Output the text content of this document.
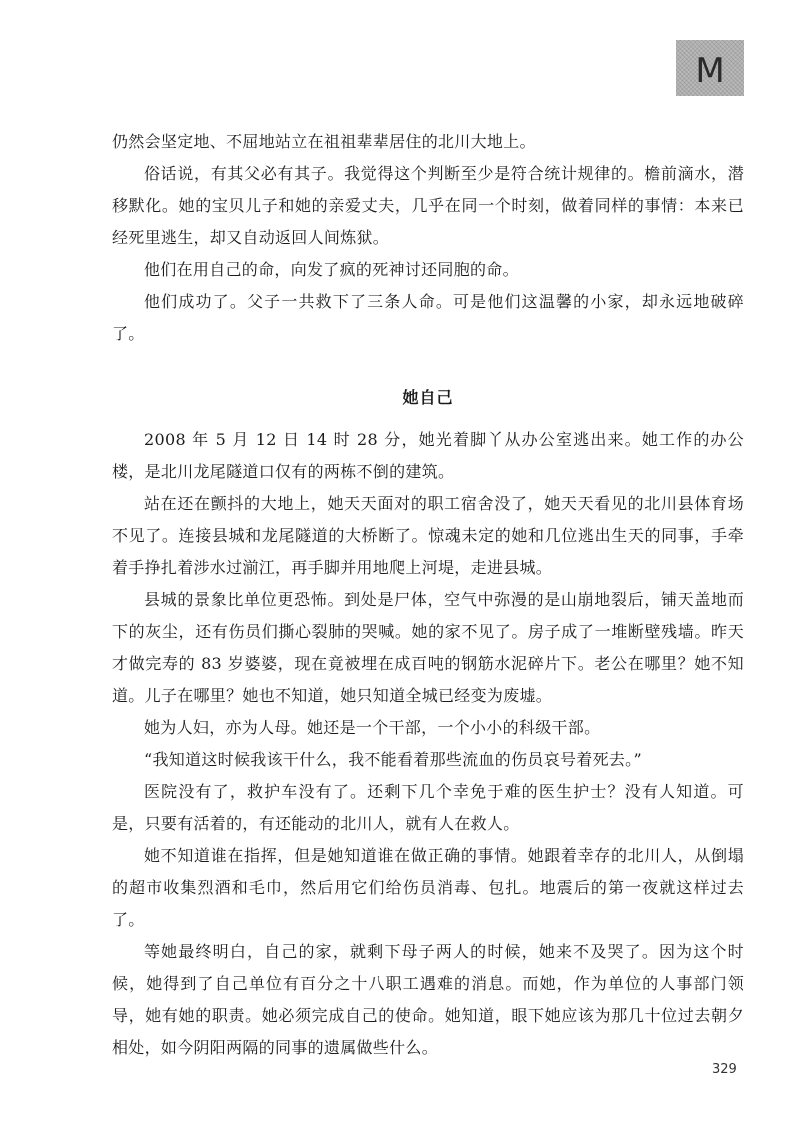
M

仍然会坚定地、不屈地站立在祖祖辈辈居住的北川大地上。

俗话说，有其父必有其子。我觉得这个判断至少是符合统计规律的。檐前滴水，潜移默化。她的宝贝儿子和她的亲爱丈夫，几乎在同一个时刻，做着同样的事情：本来已经死里逃生，却又自动返回人间炼狱。

他们在用自己的命，向发了疯的死神讨还同胞的命。

他们成功了。父子一共救下了三条人命。可是他们这温馨的小家，却永远地破碎了。

她自己

2008 年 5 月 12 日 14 时 28 分，她光着脚丫从办公室逃出来。她工作的办公楼，是北川龙尾隧道口仅有的两栋不倒的建筑。

站在还在颤抖的大地上，她天天面对的职工宿舍没了，她天天看见的北川县体育场不见了。连接县城和龙尾隧道的大桥断了。惊魂未定的她和几位逃出生天的同事，手牵着手挣扎着涉水过湔江，再手脚并用地爬上河堤，走进县城。

县城的景象比单位更恐怖。到处是尸体，空气中弥漫的是山崩地裂后，铺天盖地而下的灰尘，还有伤员们撕心裂肺的哭喊。她的家不见了。房子成了一堆断壁残墙。昨天才做完寿的 83 岁婆婆，现在竟被埋在成百吨的钢筋水泥碎片下。老公在哪里？她不知道。儿子在哪里？她也不知道，她只知道全城已经变为废墟。

她为人妇，亦为人母。她还是一个干部，一个小小的科级干部。

“我知道这时候我该干什么，我不能看着那些流血的伤员哀号着死去。”

医院没有了，救护车没有了。还剩下几个幸免于难的医生护士？没有人知道。可是，只要有活着的，有还能动的北川人，就有人在救人。

她不知道谁在指挥，但是她知道谁在做正确的事情。她跟着幸存的北川人，从倒塌的超市收集烈酒和毛巾，然后用它们给伤员消毒、包扎。地震后的第一夜就这样过去了。

等她最终明白，自己的家，就剩下母子两人的时候，她来不及哭了。因为这个时候，她得到了自己单位有百分之十八职工遇难的消息。而她，作为单位的人事部门领导，她有她的职责。她必须完成自己的使命。她知道，眼下她应该为那几十位过去朝夕相处，如今阴阳两隔的同事的遗属做些什么。

329
